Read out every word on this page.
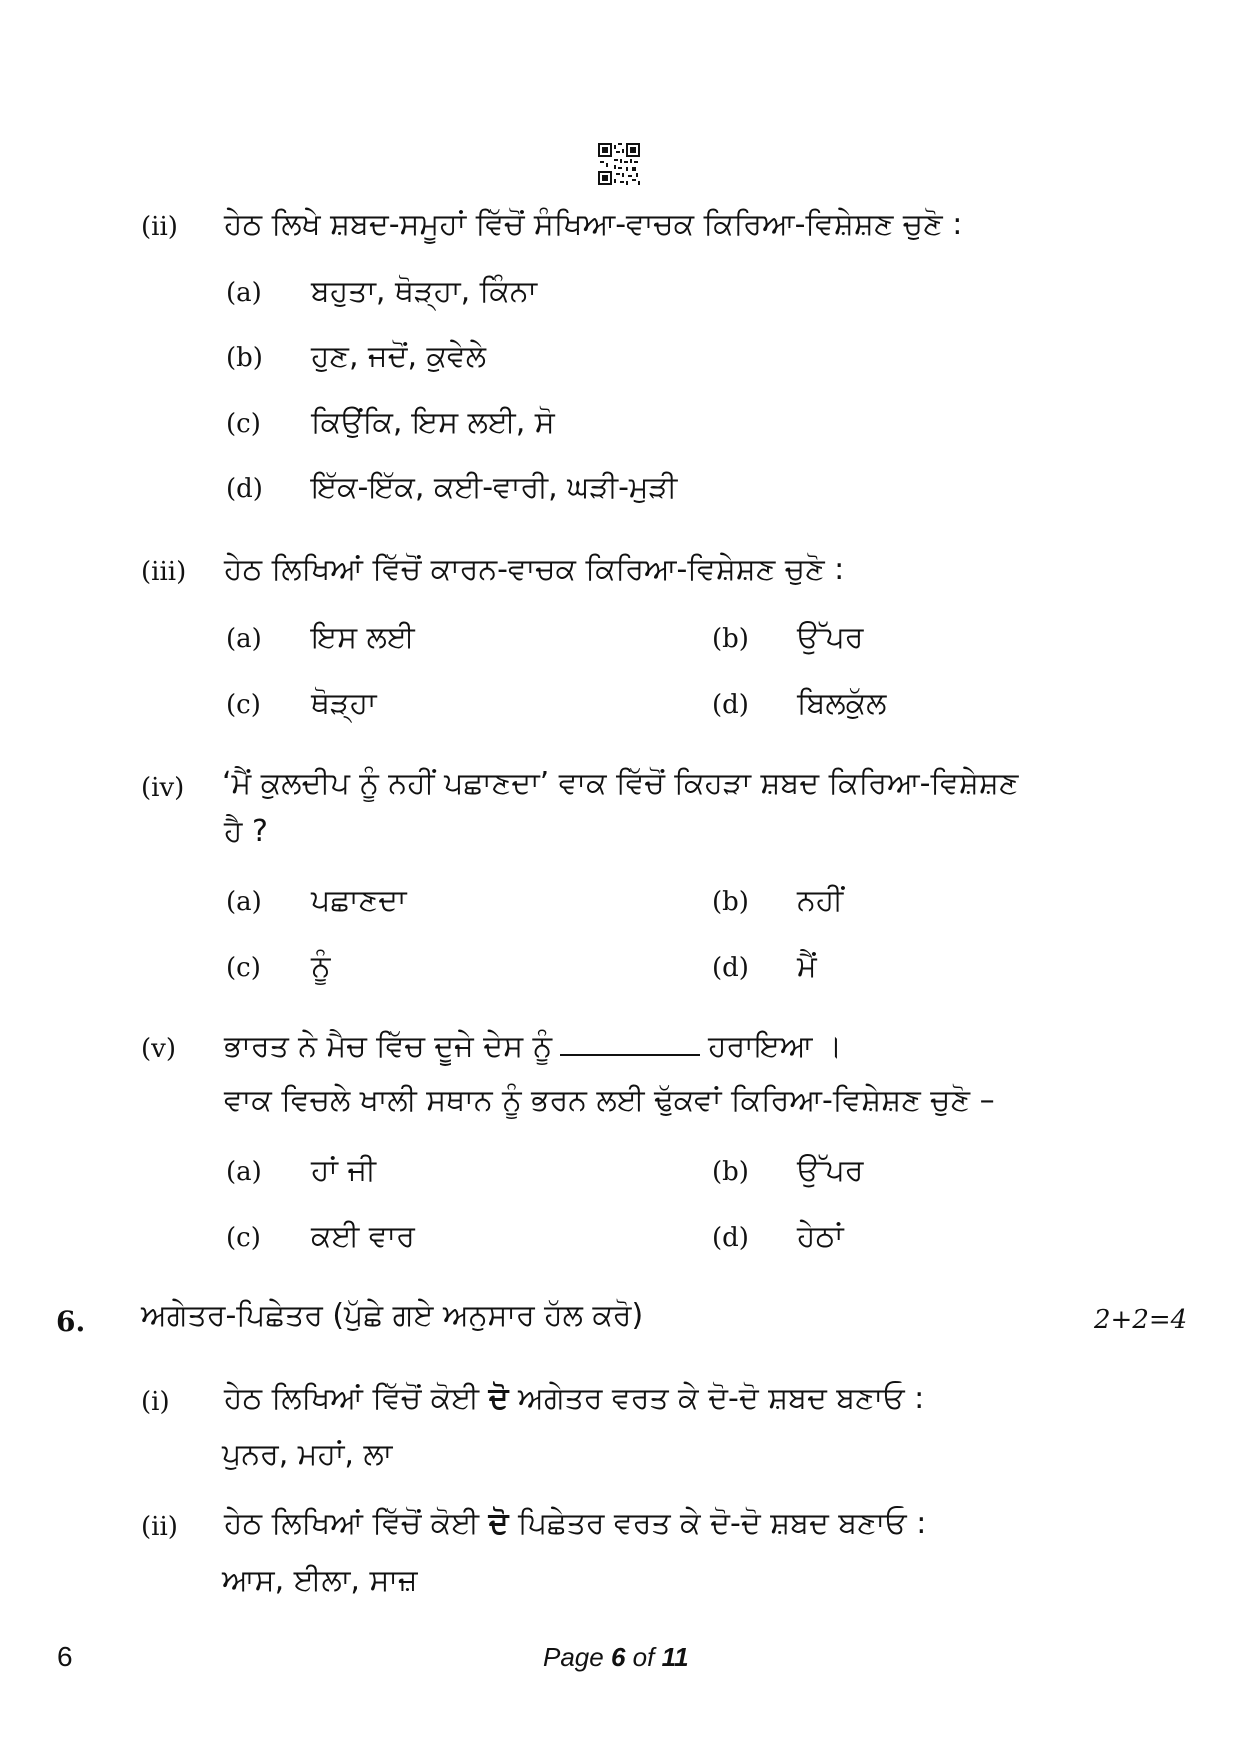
(ii) ਹੇਠ ਲਿਖੇ ਸ਼ਬਦ-ਸਮੂਹਾਂ ਵਿੱਚੋਂ ਸੰਖਿਆ-ਵਾਚਕ ਕਿਰਿਆ-ਵਿਸ਼ੇਸ਼ਣ ਚੁਣੋ :
(a) ਬਹੁਤਾ, ਥੋੜ੍ਹਾ, ਕਿੰਨਾ
(b) ਹੁਣ, ਜਦੋਂ, ਕੁਵੇਲੇ
(c) ਕਿਉਂਕਿ, ਇਸ ਲਈ, ਸੋ
(d) ਇੱਕ-ਇੱਕ, ਕਈ-ਵਾਰੀ, ਘੜੀ-ਮੁੜੀ
(iii) ਹੇਠ ਲਿਖਿਆਂ ਵਿੱਚੋਂ ਕਾਰਨ-ਵਾਚਕ ਕਿਰਿਆ-ਵਿਸ਼ੇਸ਼ਣ ਚੁਣੋ :
(a) ਇਸ ਲਈ	(b) ਉੱਪਰ
(c) ਥੋੜ੍ਹਾ	(d) ਬਿਲਕੁੱਲ
(iv) ‘ਮੈਂ ਕੁਲਦੀਪ ਨੂੰ ਨਹੀਂ ਪਛਾਣਦਾ’ ਵਾਕ ਵਿੱਚੋਂ ਕਿਹੜਾ ਸ਼ਬਦ ਕਿਰਿਆ-ਵਿਸ਼ੇਸ਼ਣ
ਹੈ ?
(a) ਪਛਾਣਦਾ	(b) ਨਹੀਂ
(c) ਨੂੰ	(d) ਮੈਂ
(v) ਭਾਰਤ ਨੇ ਮੈਚ ਵਿੱਚ ਦੂਜੇ ਦੇਸ ਨੂੰ	ਹਰਾਇਆ ।
ਵਾਕ ਵਿਚਲੇ ਖਾਲੀ ਸਥਾਨ ਨੂੰ ਭਰਨ ਲਈ ਢੁੱਕਵਾਂ ਕਿਰਿਆ-ਵਿਸ਼ੇਸ਼ਣ ਚੁਣੋ –
(a) ਹਾਂ ਜੀ	(b) ਉੱਪਰ
(c) ਕਈ ਵਾਰ	(d) ਹੇਠਾਂ
6. ਅਗੇਤਰ-ਪਿਛੇਤਰ (ਪੁੱਛੇ ਗਏ ਅਨੁਸਾਰ ਹੱਲ ਕਰੋ)	2+2=4
(i) ਹੇਠ ਲਿਖਿਆਂ ਵਿੱਚੋਂ ਕੋਈ ਦੋ ਅਗੇਤਰ ਵਰਤ ਕੇ ਦੋ-ਦੋ ਸ਼ਬਦ ਬਣਾਓ :
ਪੁਨਰ, ਮਹਾਂ, ਲਾ
(ii) ਹੇਠ ਲਿਖਿਆਂ ਵਿੱਚੋਂ ਕੋਈ ਦੋ ਪਿਛੇਤਰ ਵਰਤ ਕੇ ਦੋ-ਦੋ ਸ਼ਬਦ ਬਣਾਓ :
ਆਸ, ਈਲਾ, ਸਾਜ਼
6	Page 6 of 11
